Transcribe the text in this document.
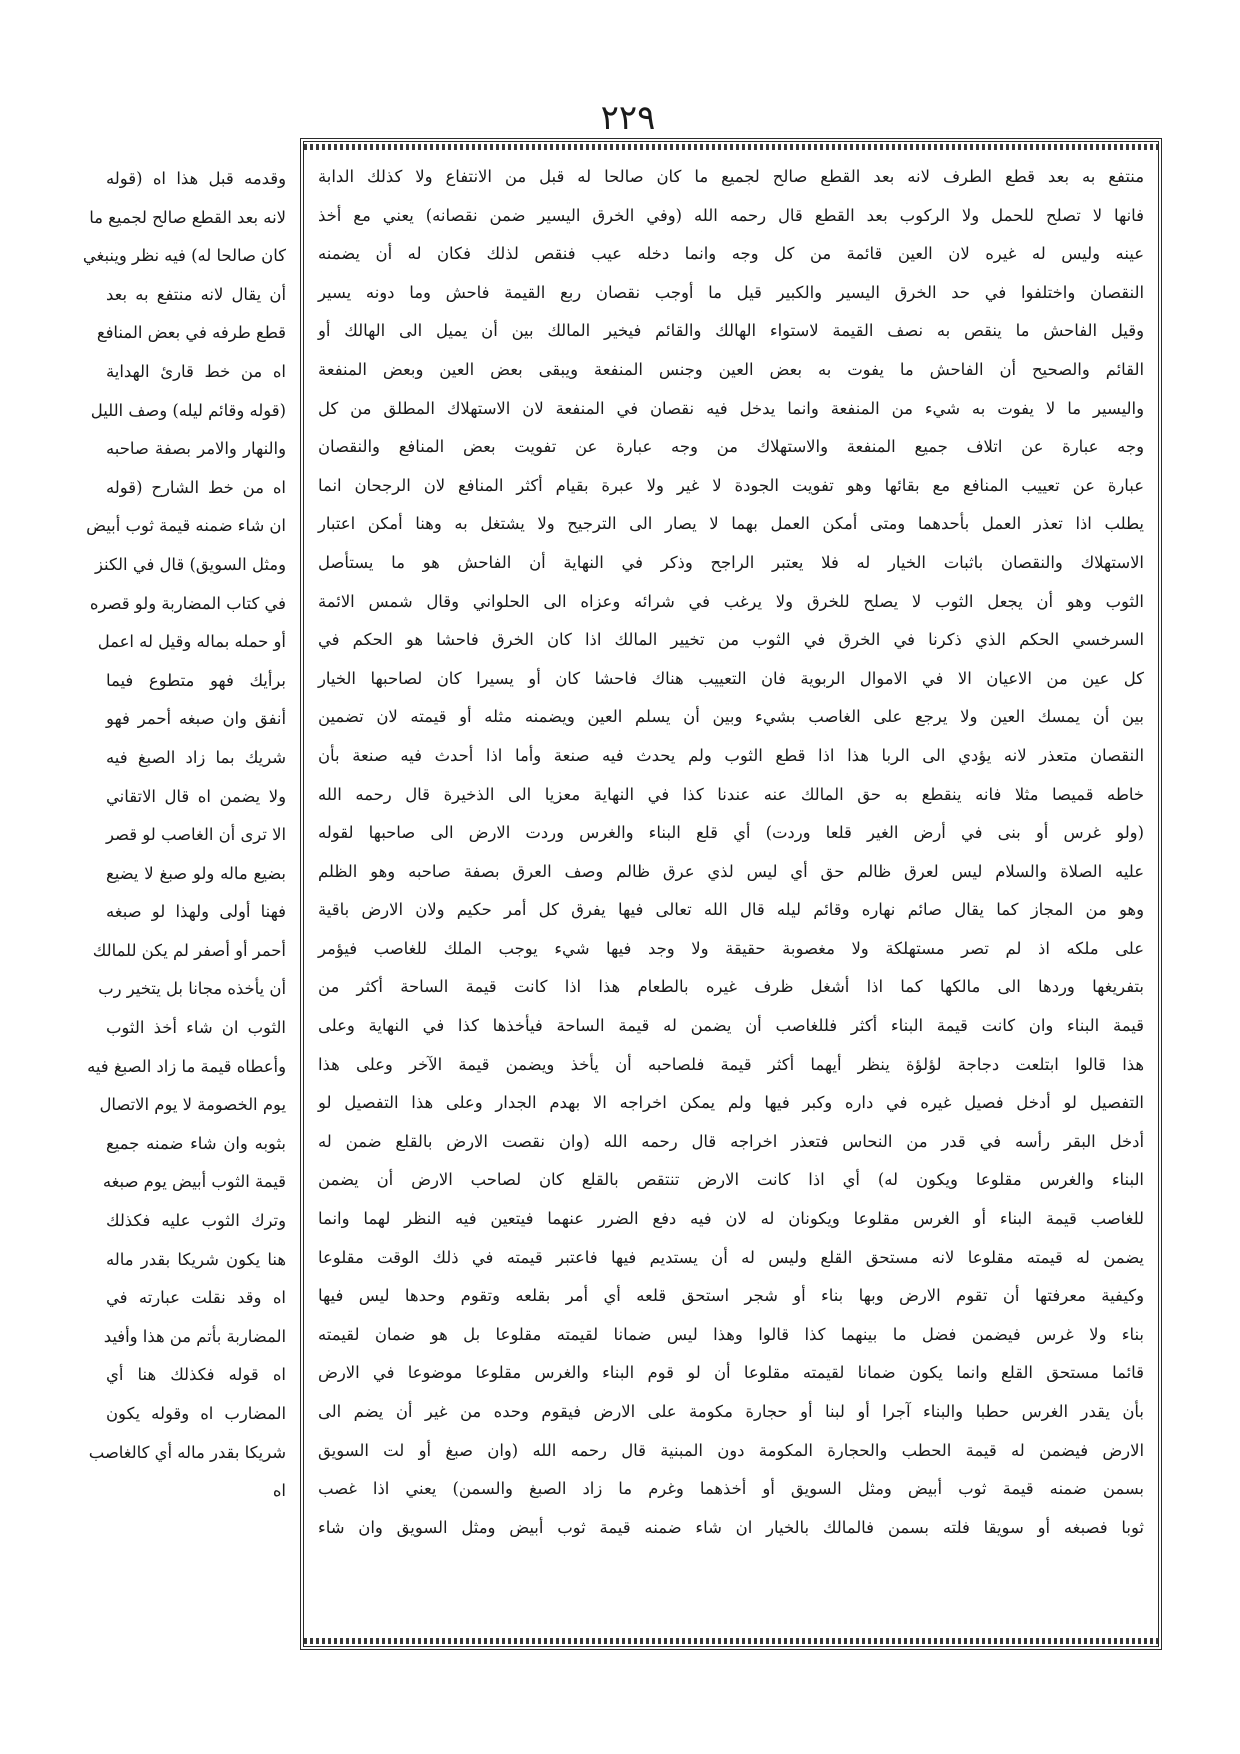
٢٢٩
منتفع به بعد قطع الطرف لانه بعد القطع صالح لجميع ما كان صالحا له قبل من الانتفاع ولا كذلك الدابة
فانها لا تصلح للحمل ولا الركوب بعد القطع قال رحمه الله (وفي الخرق اليسير ضمن نقصانه) يعني مع أخذ
عينه وليس له غيره لان العين قائمة من كل وجه وانما دخله عيب فنقص لذلك فكان له أن يضمنه
النقصان واختلفوا في حد الخرق اليسير والكبير قيل ما أوجب نقصان ربع القيمة فاحش وما دونه يسير
وقيل الفاحش ما ينقص به نصف القيمة لاستواء الهالك والقائم فيخير المالك بين أن يميل الى الهالك أو
القائم والصحيح أن الفاحش ما يفوت به بعض العين وجنس المنفعة ويبقى بعض العين وبعض المنفعة
واليسير ما لا يفوت به شيء من المنفعة وانما يدخل فيه نقصان في المنفعة لان الاستهلاك المطلق من كل
وجه عبارة عن اتلاف جميع المنفعة والاستهلاك من وجه عبارة عن تفويت بعض المنافع والنقصان
عبارة عن تعييب المنافع مع بقائها وهو تفويت الجودة لا غير ولا عبرة بقيام أكثر المنافع لان الرجحان انما
يطلب اذا تعذر العمل بأحدهما ومتى أمكن العمل بهما لا يصار الى الترجيح ولا يشتغل به وهنا أمكن اعتبار
الاستهلاك والنقصان باثبات الخيار له فلا يعتبر الراجح وذكر في النهاية أن الفاحش هو ما يستأصل
الثوب وهو أن يجعل الثوب لا يصلح للخرق ولا يرغب في شرائه وعزاه الى الحلواني وقال شمس الائمة
السرخسي الحكم الذي ذكرنا في الخرق في الثوب من تخيير المالك اذا كان الخرق فاحشا هو الحكم في
كل عين من الاعيان الا في الاموال الربوية فان التعييب هناك فاحشا كان أو يسيرا كان لصاحبها الخيار
بين أن يمسك العين ولا يرجع على الغاصب بشيء وبين أن يسلم العين ويضمنه مثله أو قيمته لان تضمين
النقصان متعذر لانه يؤدي الى الربا هذا اذا قطع الثوب ولم يحدث فيه صنعة وأما اذا أحدث فيه صنعة بأن
خاطه قميصا مثلا فانه ينقطع به حق المالك عنه عندنا كذا في النهاية معزيا الى الذخيرة قال رحمه الله
(ولو غرس أو بنى في أرض الغير قلعا وردت) أي قلع البناء والغرس وردت الارض الى صاحبها لقوله
عليه الصلاة والسلام ليس لعرق ظالم حق أي ليس لذي عرق ظالم وصف العرق بصفة صاحبه وهو الظلم
وهو من المجاز كما يقال صائم نهاره وقائم ليله قال الله تعالى فيها يفرق كل أمر حكيم ولان الارض باقية
على ملكه اذ لم تصر مستهلكة ولا مغصوبة حقيقة ولا وجد فيها شيء يوجب الملك للغاصب فيؤمر
بتفريغها وردها الى مالكها كما اذا أشغل ظرف غيره بالطعام هذا اذا كانت قيمة الساحة أكثر من
قيمة البناء وان كانت قيمة البناء أكثر فللغاصب أن يضمن له قيمة الساحة فيأخذها كذا في النهاية وعلى
هذا قالوا ابتلعت دجاجة لؤلؤة ينظر أيهما أكثر قيمة فلصاحبه أن يأخذ ويضمن قيمة الآخر وعلى هذا
التفصيل لو أدخل فصيل غيره في داره وكبر فيها ولم يمكن اخراجه الا بهدم الجدار وعلى هذا التفصيل لو
أدخل البقر رأسه في قدر من النحاس فتعذر اخراجه قال رحمه الله (وان نقصت الارض بالقلع ضمن له
البناء والغرس مقلوعا ويكون له) أي اذا كانت الارض تنتقص بالقلع كان لصاحب الارض أن يضمن
للغاصب قيمة البناء أو الغرس مقلوعا ويكونان له لان فيه دفع الضرر عنهما فيتعين فيه النظر لهما وانما
يضمن له قيمته مقلوعا لانه مستحق القلع وليس له أن يستديم فيها فاعتبر قيمته في ذلك الوقت مقلوعا
وكيفية معرفتها أن تقوم الارض وبها بناء أو شجر استحق قلعه أي أمر بقلعه وتقوم وحدها ليس فيها
بناء ولا غرس فيضمن فضل ما بينهما كذا قالوا وهذا ليس ضمانا لقيمته مقلوعا بل هو ضمان لقيمته
قائما مستحق القلع وانما يكون ضمانا لقيمته مقلوعا أن لو قوم البناء والغرس مقلوعا موضوعا في الارض
بأن يقدر الغرس حطبا والبناء آجرا أو لبنا أو حجارة مكومة على الارض فيقوم وحده من غير أن يضم الى
الارض فيضمن له قيمة الحطب والحجارة المكومة دون المبنية قال رحمه الله (وان صبغ أو لت السويق
بسمن ضمنه قيمة ثوب أبيض ومثل السويق أو أخذهما وغرم ما زاد الصبغ والسمن) يعني اذا غصب
ثوبا فصبغه أو سويقا فلته بسمن فالمالك بالخيار ان شاء ضمنه قيمة ثوب أبيض ومثل السويق وان شاء
وقدمه قبل هذا اه (قوله
لانه بعد القطع صالح لجميع ما
كان صالحا له) فيه نظر وينبغي
أن يقال لانه منتفع به بعد
قطع طرفه في بعض المنافع
اه من خط قارئ الهداية
(قوله وقائم ليله) وصف الليل
والنهار والامر بصفة صاحبه
اه من خط الشارح (قوله
ان شاء ضمنه قيمة ثوب أبيض
ومثل السويق) قال في الكنز
في كتاب المضاربة ولو قصره
أو حمله بماله وقيل له اعمل
برأيك فهو متطوع فيما
أنفق وان صبغه أحمر فهو
شريك بما زاد الصبغ فيه
ولا يضمن اه قال الاتقاني
الا ترى أن الغاصب لو قصر
بضيع ماله ولو صبغ لا يضيع
فهنا أولى ولهذا لو صبغه
أحمر أو أصفر لم يكن للمالك
أن يأخذه مجانا بل يتخير رب
الثوب ان شاء أخذ الثوب
وأعطاه قيمة ما زاد الصبغ فيه
يوم الخصومة لا يوم الاتصال
بثوبه وان شاء ضمنه جميع
قيمة الثوب أبيض يوم صبغه
وترك الثوب عليه فكذلك
هنا يكون شريكا بقدر ماله
اه وقد نقلت عبارته في
المضاربة بأتم من هذا وأفيد
اه قوله فكذلك هنا أي
المضارب اه وقوله يكون
شريكا بقدر ماله أي كالغاصب
اه
